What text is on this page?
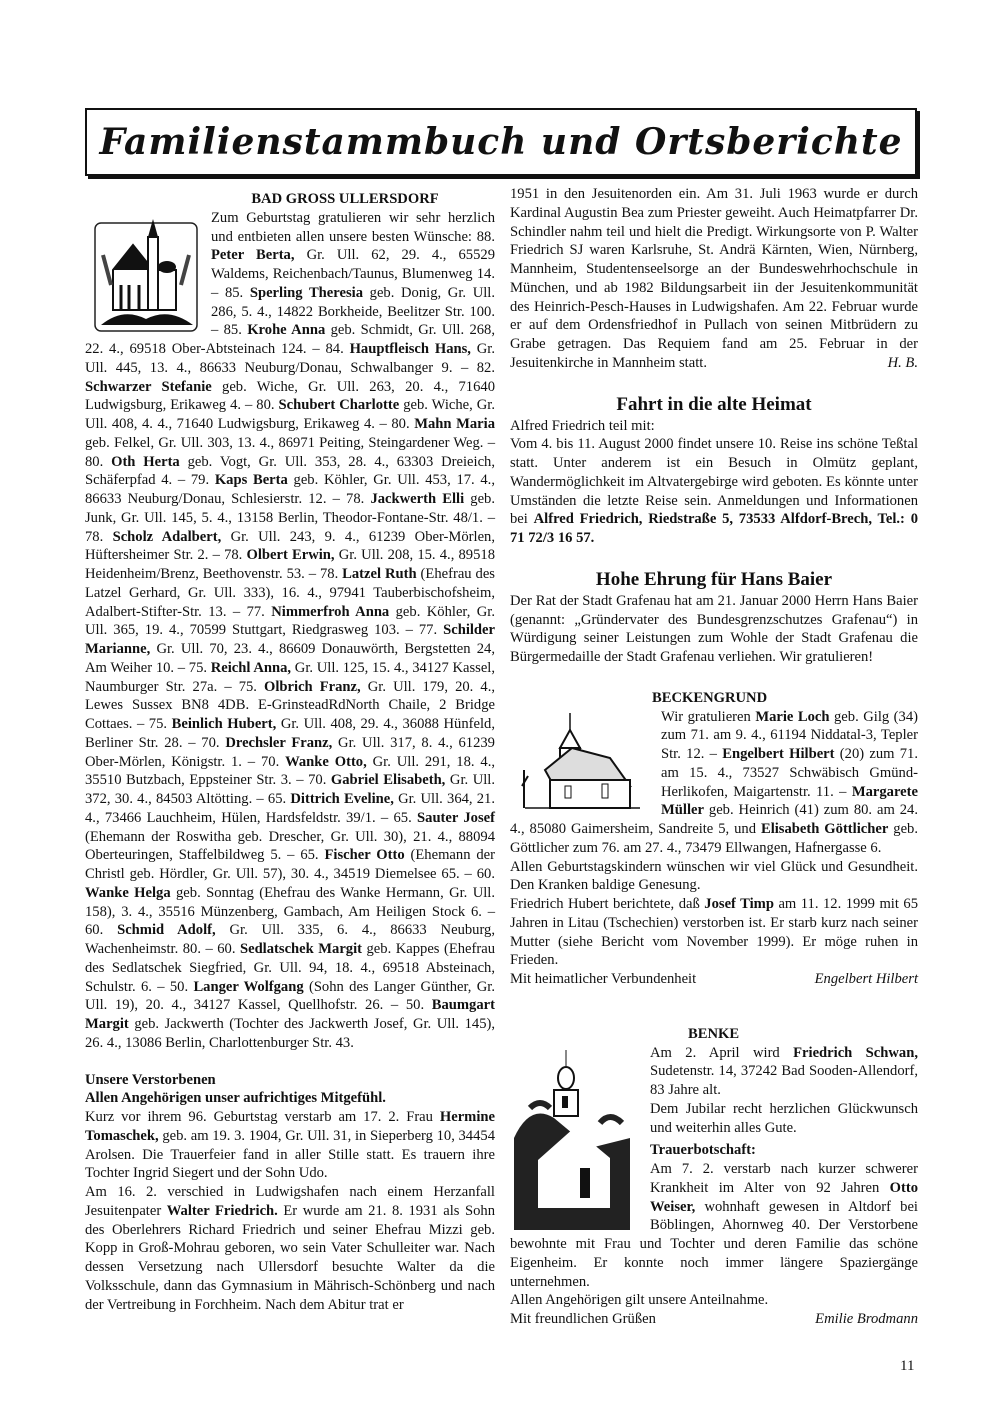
Familienstammbuch und Ortsberichte

BAD GROSS ULLERSDORF

Zum Geburtstag gratulieren wir sehr herzlich und entbieten allen unsere besten Wünsche: 88. Peter Berta, Gr. Ull. 62, 29. 4., 65529 Waldems, Reichenbach/Taunus, Blumenweg 14. – 85. Sperling Theresia geb. Donig, Gr. Ull. 286, 5. 4., 14822 Borkheide, Beelitzer Str. 100. – 85. Krohe Anna geb. Schmidt, Gr. Ull. 268, 22. 4., 69518 Ober-Abtsteinach 124. – 84. Hauptfleisch Hans, Gr. Ull. 445, 13. 4., 86633 Neuburg/Donau, Schwalbanger 9. – 82. Schwarzer Stefanie geb. Wiche, Gr. Ull. 263, 20. 4., 71640 Ludwigsburg, Erikaweg 4. – 80. Schubert Charlotte geb. Wiche, Gr. Ull. 408, 4. 4., 71640 Ludwigsburg, Erikaweg 4. – 80. Mahn Maria geb. Felkel, Gr. Ull. 303, 13. 4., 86971 Peiting, Steingardener Weg. – 80. Oth Herta geb. Vogt, Gr. Ull. 353, 28. 4., 63303 Dreieich, Schäferpfad 4. – 79. Kaps Berta geb. Köhler, Gr. Ull. 453, 17. 4., 86633 Neuburg/Donau, Schlesierstr. 12. – 78. Jackwerth Elli geb. Junk, Gr. Ull. 145, 5. 4., 13158 Berlin, Theodor-Fontane-Str. 48/1. – 78. Scholz Adalbert, Gr. Ull. 243, 9. 4., 61239 Ober-Mörlen, Hüftersheimer Str. 2. – 78. Olbert Erwin, Gr. Ull. 208, 15. 4., 89518 Heidenheim/Brenz, Beethovenstr. 53. – 78. Latzel Ruth (Ehefrau des Latzel Gerhard, Gr. Ull. 333), 16. 4., 97941 Tauberbischofsheim, Adalbert-Stifter-Str. 13. – 77. Nimmerfroh Anna geb. Köhler, Gr. Ull. 365, 19. 4., 70599 Stuttgart, Riedgrasweg 103. – 77. Schilder Marianne, Gr. Ull. 70, 23. 4., 86609 Donauwörth, Bergstetten 24, Am Weiher 10. – 75. Reichl Anna, Gr. Ull. 125, 15. 4., 34127 Kassel, Naumburger Str. 27a. – 75. Olbrich Franz, Gr. Ull. 179, 20. 4., Lewes Sussex BN8 4DB. E-GrinsteadRdNorth Chaile, 2 Bridge Cottaes. – 75. Beinlich Hubert, Gr. Ull. 408, 29. 4., 36088 Hünfeld, Berliner Str. 28. – 70. Drechsler Franz, Gr. Ull. 317, 8. 4., 61239 Ober-Mörlen, Königstr. 1. – 70. Wanke Otto, Gr. Ull. 291, 18. 4., 35510 Butzbach, Eppsteiner Str. 3. – 70. Gabriel Elisabeth, Gr. Ull. 372, 30. 4., 84503 Altötting. – 65. Dittrich Eveline, Gr. Ull. 364, 21. 4., 73466 Lauchheim, Hülen, Hardsfeldstr. 39/1. – 65. Sauter Josef (Ehemann der Roswitha geb. Drescher, Gr. Ull. 30), 21. 4., 88094 Oberteuringen, Staffelbildweg 5. – 65. Fischer Otto (Ehemann der Christl geb. Hördler, Gr. Ull. 57), 30. 4., 34519 Diemelsee 65. – 60. Wanke Helga geb. Sonntag (Ehefrau des Wanke Hermann, Gr. Ull. 158), 3. 4., 35516 Münzenberg, Gambach, Am Heiligen Stock 6. – 60. Schmid Adolf, Gr. Ull. 335, 6. 4., 86633 Neuburg, Wachenheimstr. 80. – 60. Sedlatschek Margit geb. Kappes (Ehefrau des Sedlatschek Siegfried, Gr. Ull. 94, 18. 4., 69518 Absteinach, Schulstr. 6. – 50. Langer Wolfgang (Sohn des Langer Günther, Gr. Ull. 19), 20. 4., 34127 Kassel, Quellhofstr. 26. – 50. Baumgart Margit geb. Jackwerth (Tochter des Jackwerth Josef, Gr. Ull. 145), 26. 4., 13086 Berlin, Charlottenburger Str. 43.

Unsere Verstorbenen

Allen Angehörigen unser aufrichtiges Mitgefühl.

Kurz vor ihrem 96. Geburtstag verstarb am 17. 2. Frau Hermine Tomaschek, geb. am 19. 3. 1904, Gr. Ull. 31, in Sieperberg 10, 34454 Arolsen. Die Trauerfeier fand in aller Stille statt. Es trauern ihre Tochter Ingrid Siegert und der Sohn Udo.

Am 16. 2. verschied in Ludwigshafen nach einem Herzanfall Jesuitenpater Walter Friedrich. Er wurde am 21. 8. 1931 als Sohn des Oberlehrers Richard Friedrich und seiner Ehefrau Mizzi geb. Kopp in Groß-Mohrau geboren, wo sein Vater Schulleiter war. Nach dessen Versetzung nach Ullersdorf besuchte Walter da die Volksschule, dann das Gymnasium in Mährisch-Schönberg und nach der Vertreibung in Forchheim. Nach dem Abitur trat er

1951 in den Jesuitenorden ein. Am 31. Juli 1963 wurde er durch Kardinal Augustin Bea zum Priester geweiht. Auch Heimatpfarrer Dr. Schindler nahm teil und hielt die Predigt. Wirkungsorte von P. Walter Friedrich SJ waren Karlsruhe, St. Andrä Kärnten, Wien, Nürnberg, Mannheim, Studentenseelsorge an der Bundeswehrhochschule in München, und ab 1982 Bildungsarbeit iin der Jesuitenkommunität des Heinrich-Pesch-Hauses in Ludwigshafen. Am 22. Februar wurde er auf dem Ordensfriedhof in Pullach von seinen Mitbrüdern zu Grabe getragen. Das Requiem fand am 25. Februar in der Jesuitenkirche in Mannheim statt.	H. B.

Fahrt in die alte Heimat

Alfred Friedrich teil mit:

Vom 4. bis 11. August 2000 findet unsere 10. Reise ins schöne Teßtal statt. Unter anderem ist ein Besuch in Olmütz geplant, Wandermöglichkeit im Altvatergebirge wird geboten. Es könnte unter Umständen die letzte Reise sein. Anmeldungen und Informationen bei Alfred Friedrich, Riedstraße 5, 73533 Alfdorf-Brech, Tel.: 0 71 72/3 16 57.

Hohe Ehrung für Hans Baier

Der Rat der Stadt Grafenau hat am 21. Januar 2000 Herrn Hans Baier (genannt: „Gründervater des Bundesgrenzschutzes Grafenau“) in Würdigung seiner Leistungen zum Wohle der Stadt Grafenau die Bürgermedaille der Stadt Grafenau verliehen. Wir gratulieren!

BECKENGRUND

Wir gratulieren Marie Loch geb. Gilg (34) zum 71. am 9. 4., 61194 Niddatal-3, Tepler Str. 12. – Engelbert Hilbert (20) zum 71. am 15. 4., 73527 Schwäbisch Gmünd-Herlikofen, Maigartenstr. 11. – Margarete Müller geb. Heinrich (41) zum 80. am 24. 4., 85080 Gaimersheim, Sandreite 5, und Elisabeth Göttlicher geb. Göttlicher zum 76. am 27. 4., 73479 Ellwangen, Hafnergasse 6.

Allen Geburtstagskindern wünschen wir viel Glück und Gesundheit. Den Kranken baldige Genesung.

Friedrich Hubert berichtete, daß Josef Timp am 11. 12. 1999 mit 65 Jahren in Litau (Tschechien) verstorben ist. Er starb kurz nach seiner Mutter (siehe Bericht vom November 1999). Er möge ruhen in Frieden.

Mit heimatlicher Verbundenheit	Engelbert Hilbert

BENKE

Am 2. April wird Friedrich Schwan, Sudetenstr. 14, 37242 Bad Sooden-Allendorf, 83 Jahre alt.

Dem Jubilar recht herzlichen Glückwunsch und weiterhin alles Gute.

Trauerbotschaft:

Am 7. 2. verstarb nach kurzer schwerer Krankheit im Alter von 92 Jahren Otto Weiser, wohnhaft gewesen in Altdorf bei Böblingen, Ahornweg 40. Der Verstorbene bewohnte mit Frau und Tochter und deren Familie das schöne Eigenheim. Er konnte noch immer längere Spaziergänge unternehmen.

Allen Angehörigen gilt unsere Anteilnahme.

Mit freundlichen Grüßen	Emilie Brodmann

11
